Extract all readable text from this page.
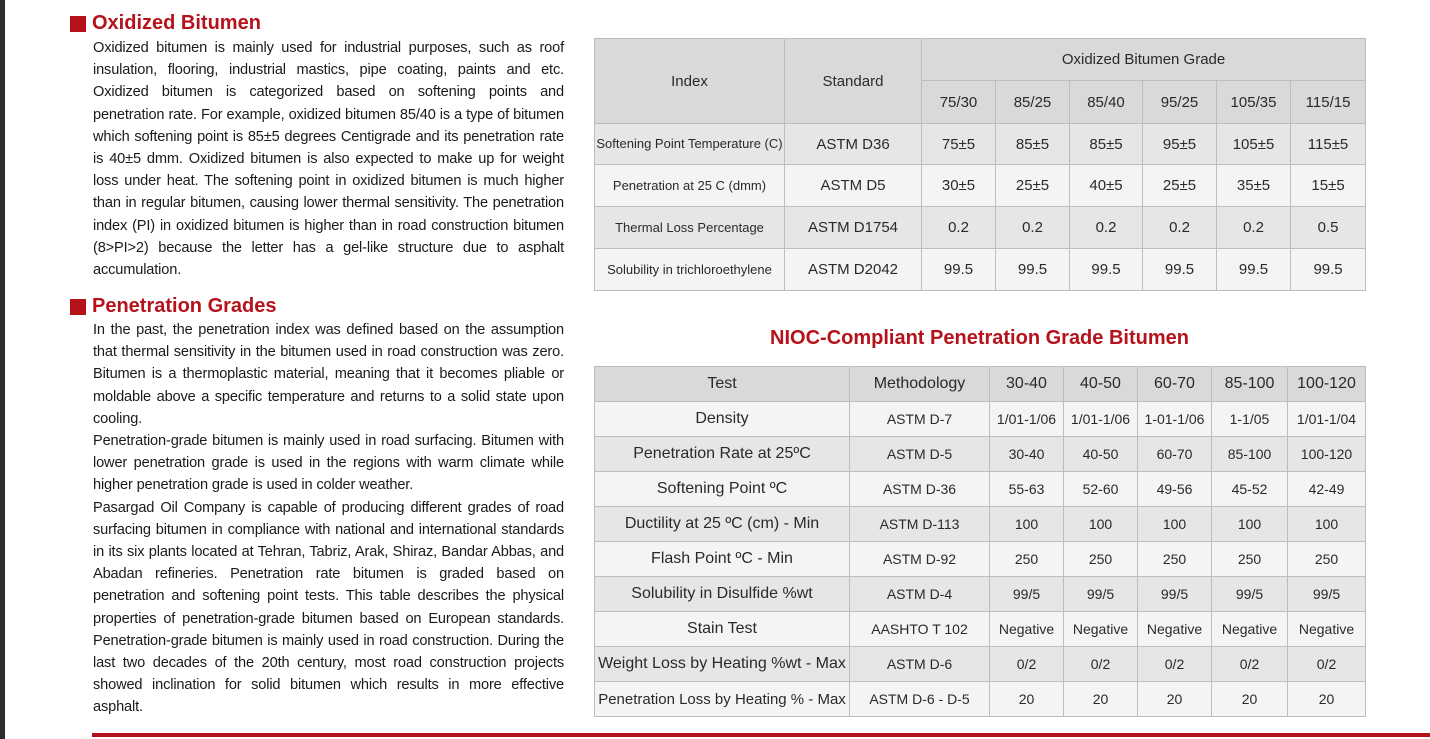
Oxidized Bitumen

Oxidized bitumen is mainly used for industrial purposes, such as roof insulation, flooring, industrial mastics, pipe coating, paints and etc. Oxidized bitumen is categorized based on softening points and penetration rate. For example, oxidized bitumen 85/40 is a type of bitumen which softening point is 85±5 degrees Centigrade and its penetration rate is 40±5 dmm. Oxidized bitumen is also expected to make up for weight loss under heat. The softening point in oxidized bitumen is much higher than in regular bitumen, causing lower thermal sensitivity. The penetration index (PI) in oxidized bitumen is higher than in road construction bitumen (8>PI>2) because the letter has a gel-like structure due to asphalt accumulation.

Penetration Grades

In the past, the penetration index was defined based on the assumption that thermal sensitivity in the bitumen used in road construction was zero. Bitumen is a thermoplastic material, meaning that it becomes pliable or moldable above a specific temperature and returns to a solid state upon cooling.

Penetration-grade bitumen is mainly used in road surfacing. Bitumen with lower penetration grade is used in the regions with warm climate while higher penetration grade is used in colder weather.

Pasargad Oil Company is capable of producing different grades of road surfacing bitumen in compliance with national and international standards in its six plants located at Tehran, Tabriz, Arak, Shiraz, Bandar Abbas, and Abadan refineries. Penetration rate bitumen is graded based on penetration and softening point tests. This table describes the physical properties of penetration-grade bitumen based on European standards. Penetration-grade bitumen is mainly used in road construction. During the last two decades of the 20th century, most road construction projects showed inclination for solid bitumen which results in more effective asphalt.

Index	Standard	Oxidized Bitumen Grade					
		75/30	85/25	85/40	95/25	105/35	115/15
Softening Point Temperature (C)	ASTM D36	75±5	85±5	85±5	95±5	105±5	115±5
Penetration at 25 C (dmm)	ASTM D5	30±5	25±5	40±5	25±5	35±5	15±5
Thermal Loss Percentage	ASTM D1754	0.2	0.2	0.2	0.2	0.2	0.5
Solubility in trichloroethylene	ASTM D2042	99.5	99.5	99.5	99.5	99.5	99.5
NIOC-Compliant Penetration Grade Bitumen
Test	Methodology	30-40	40-50	60-70	85-100	100-120
Density	ASTM D-7	1/01-1/06	1/01-1/06	1-01-1/06	1-1/05	1/01-1/04
Penetration Rate at 25ºC	ASTM D-5	30-40	40-50	60-70	85-100	100-120
Softening Point ºC	ASTM D-36	55-63	52-60	49-56	45-52	42-49
Ductility at 25 ºC (cm) - Min	ASTM D-113	100	100	100	100	100
Flash Point ºC - Min	ASTM D-92	250	250	250	250	250
Solubility in Disulfide %wt	ASTM D-4	99/5	99/5	99/5	99/5	99/5
Stain Test	AASHTO T 102	Negative	Negative	Negative	Negative	Negative
Weight Loss by Heating %wt - Max	ASTM D-6	0/2	0/2	0/2	0/2	0/2
Penetration Loss by Heating % - Max	ASTM D-6 - D-5	20	20	20	20	20
